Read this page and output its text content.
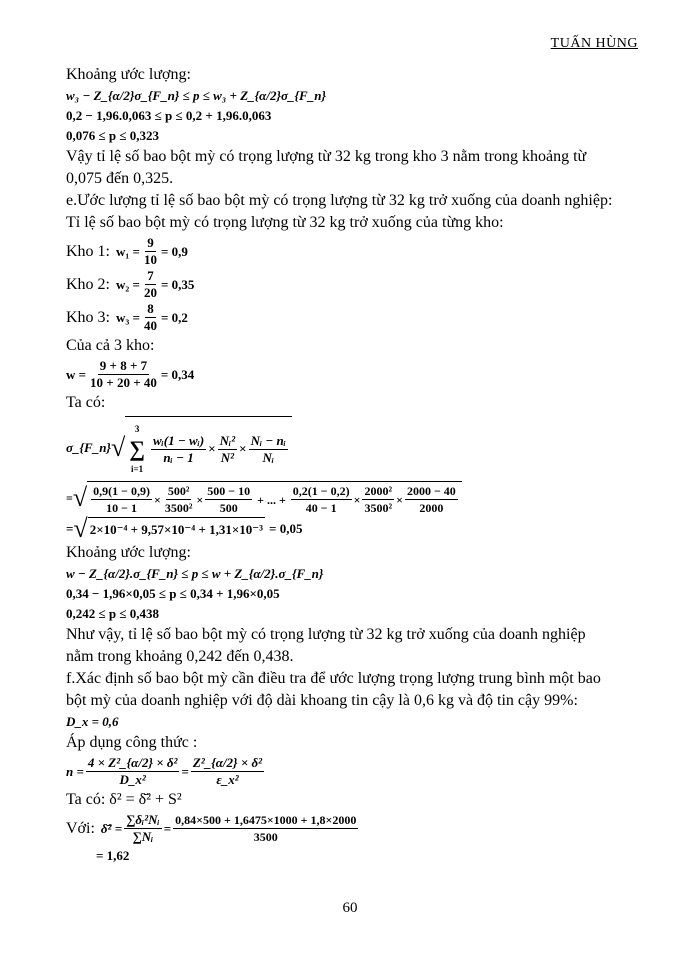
TUẤN HÙNG

Khoảng ước lượng:

w₃ − Z_{α/2}σ_{F_n} ≤ p ≤ w₃ + Z_{α/2}σ_{F_n}
0,2 − 1,96.0,063 ≤ p ≤ 0,2 + 1,96.0,063
0,076 ≤ p ≤ 0,323

Vậy tỉ lệ số bao bột mỳ có trọng lượng từ 32 kg trong kho 3 nằm trong khoảng từ

0,075 đến 0,325.

e.Ước lượng tỉ lệ số bao bột mỳ có trọng lượng từ 32 kg trở xuống của doanh nghiệp:

Tỉ lệ số bao bột mỳ có trọng lượng từ 32 kg trở xuống của từng kho:

Kho 1: $w_1 = \frac{9}{10} = 0,9$
Kho 2: $w_2 = \frac{7}{20} = 0,35$
Kho 3: $w_3 = \frac{8}{40} = 0,2$

Của cả 3 kho:

$w = \frac{9 + 8 + 7}{10 + 20 + 40} = 0,34$

Ta có:

σ_{F_n} √
3
∑
i=1
$\frac{\text{wᵢ(1 − wᵢ)}}{\text{nᵢ − 1}} \times \frac{\text{Nᵢ²}}{\text{N²}} \times \frac{\text{Nᵢ − nᵢ}}{\text{Nᵢ}}$
= √ $\frac{0,9(1 - 0,9)}{10 - 1} \times \frac{\text{500²}}{\text{3500²}} \times \frac{500 - 10}{500}$ + ... + $\frac{0,2(1 - 0,2)}{40 - 1} \times \frac{\text{2000²}}{\text{3500²}} \times \frac{2000 - 40}{2000}$
= √ 2×10⁻⁴ + 9,57×10⁻⁴ + 1,31×10⁻³ = 0,05

Khoảng ước lượng:

w − Z_{α/2}.σ_{F_n} ≤ p ≤ w + Z_{α/2}.σ_{F_n}
0,34 − 1,96×0,05 ≤ p ≤ 0,34 + 1,96×0,05
0,242 ≤ p ≤ 0,438

Như vậy, tỉ lệ số bao bột mỳ có trọng lượng từ 32 kg trở xuống của doanh nghiệp

nằm trong khoảng 0,242 đến 0,438.

f.Xác định số bao bột mỳ cần điều tra để ước lượng trọng lượng trung bình một bao

bột mỳ của doanh nghiệp với độ dài khoang tin cậy là 0,6 kg và độ tin cậy 99%:

D_x = 0,6

Áp dụng công thức :

$n = \frac{\text{4 × Z²\_\{α/2\} × δ²}}{\text{D\_x²}} = \frac{\text{Z²\_\{α/2\} × δ²}}{\text{ε\_x²}}$

Ta có: δ² = δ̄² + S²

Với: δ̄² = $\frac{\text{∑δᵢ²Nᵢ}}{\text{∑Nᵢ}} = \frac{0,84\times 500 + 1,6475\times 1000 + 1,8\times 2000}{3500}$
= 1,62
60
